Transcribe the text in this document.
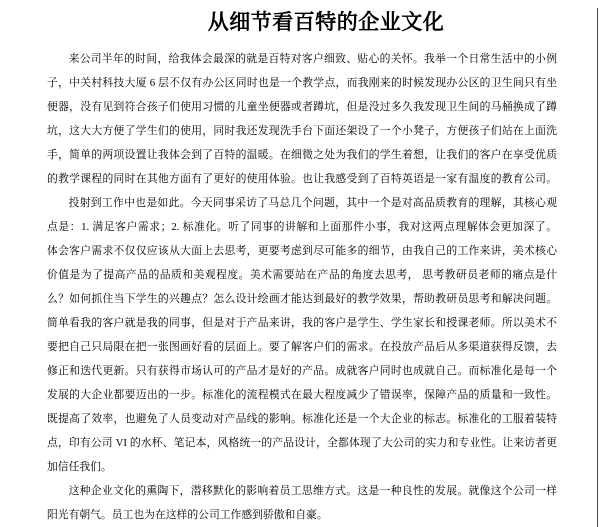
从细节看百特的企业文化
来公司半年的时间，给我体会最深的就是百特对客户细致、贴心的关怀。我举一个日常生活中的小例
子，中关村科技大厦 6 层不仅有办公区同时也是一个教学点，而我刚来的时候发现办公区的卫生间只有坐
便器，没有见到符合孩子们使用习惯的儿童坐便器或者蹲坑，但是没过多久我发现卫生间的马桶换成了蹲
坑，这大大方便了学生们的使用，同时我还发现洗手台下面还架设了一个小凳子，方便孩子们站在上面洗
手，简单的两项设置让我体会到了百特的温暖。在细微之处为我们的学生着想，让我们的客户在享受优质
的教学课程的同时在其他方面有了更好的使用体验。也让我感受到了百特英语是一家有温度的教育公司。
投射到工作中也是如此。今天同事采访了马总几个问题，其中一个是对高品质教育的理解，其核心观
点是：1. 满足客户需求；2. 标准化。听了同事的讲解和上面那件小事，我对这两点理解体会更加深了。
体会客户需求不仅仅应该从大面上去思考，更要考虑到尽可能多的细节，由我自己的工作来讲，美术核心
价值是为了提高产品的品质和美观程度。美术需要站在产品的角度去思考， 思考教研员老师的痛点是什
么？如何抓住当下学生的兴趣点？怎么设计绘画才能达到最好的教学效果，帮助教研员思考和解决问题。
简单看我的客户就是我的同事，但是对于产品来讲，我的客户是学生、学生家长和授课老师。所以美术不
要把自己只局限在把一张图画好看的层面上。要了解客户们的需求。在投放产品后从多渠道获得反馈，去
修正和迭代更新。只有获得市场认可的产品才是好的产品。成就客户同时也成就自己。而标准化是每一个
发展的大企业都要迈出的一步。标准化的流程模式在最大程度减少了错误率，保障产品的质量和一致性。
既提高了效率，也避免了人员变动对产品线的影响。标准化还是一个大企业的标志。标准化的工服着装特
点，印有公司 VI 的水杯、笔记本，风格统一的产品设计，全都体现了大公司的实力和专业性。让来访者更
加信任我们。
这种企业文化的熏陶下，潜移默化的影响着员工思维方式。这是一种良性的发展。就像这个公司一样
阳光有朝气。员工也为在这样的公司工作感到骄傲和自豪。
